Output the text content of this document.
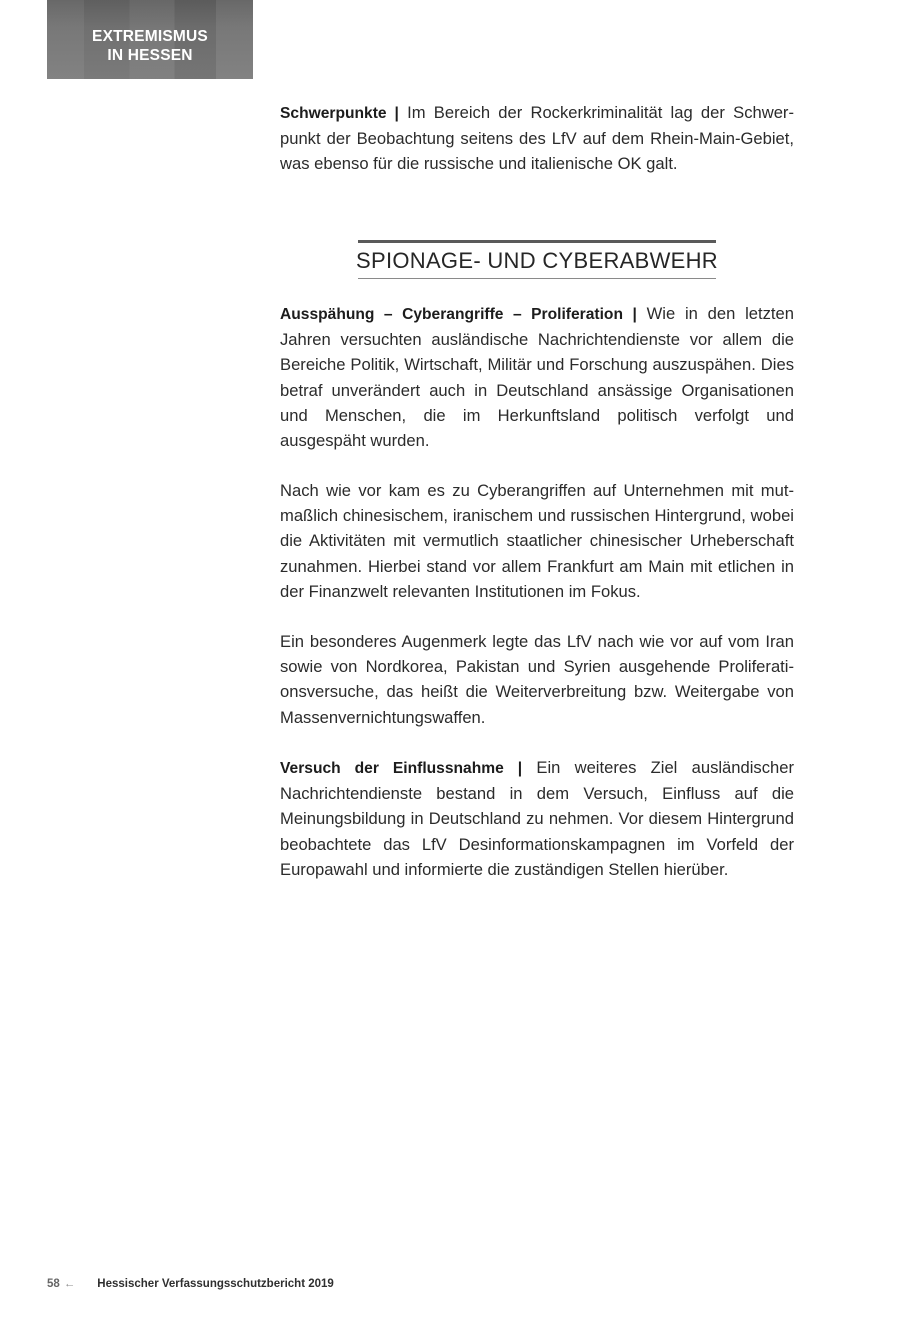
EXTREMISMUS
IN HESSEN

Schwerpunkte | Im Bereich der Rockerkriminalität lag der Schwerpunkt der Beobachtung seitens des LfV auf dem Rhein-Main-Gebiet, was ebenso für die russische und italienische OK galt.

SPIONAGE- UND CYBERABWEHR

Ausspähung – Cyberangriffe – Proliferation | Wie in den letzten Jahren versuchten ausländische Nachrichtendienste vor allem die Bereiche Politik, Wirtschaft, Militär und Forschung auszuspähen. Dies betraf unverändert auch in Deutschland ansässige Organisationen und Menschen, die im Herkunftsland politisch verfolgt und ausgespäht wurden.

Nach wie vor kam es zu Cyberangriffen auf Unternehmen mit mutmaßlich chinesischem, iranischem und russischen Hintergrund, wobei die Aktivitäten mit vermutlich staatlicher chinesischer Urheberschaft zunahmen. Hierbei stand vor allem Frankfurt am Main mit etlichen in der Finanzwelt relevanten Institutionen im Fokus.

Ein besonderes Augenmerk legte das LfV nach wie vor auf vom Iran sowie von Nordkorea, Pakistan und Syrien ausgehende Proliferationsversuche, das heißt die Weiterverbreitung bzw. Weitergabe von Massenvernichtungswaffen.

Versuch der Einflussnahme | Ein weiteres Ziel ausländischer Nachrichtendienste bestand in dem Versuch, Einfluss auf die Meinungsbildung in Deutschland zu nehmen. Vor diesem Hintergrund beobachtete das LfV Desinformationskampagnen im Vorfeld der Europawahl und informierte die zuständigen Stellen hierüber.

58 ← Hessischer Verfassungsschutzbericht 2019
